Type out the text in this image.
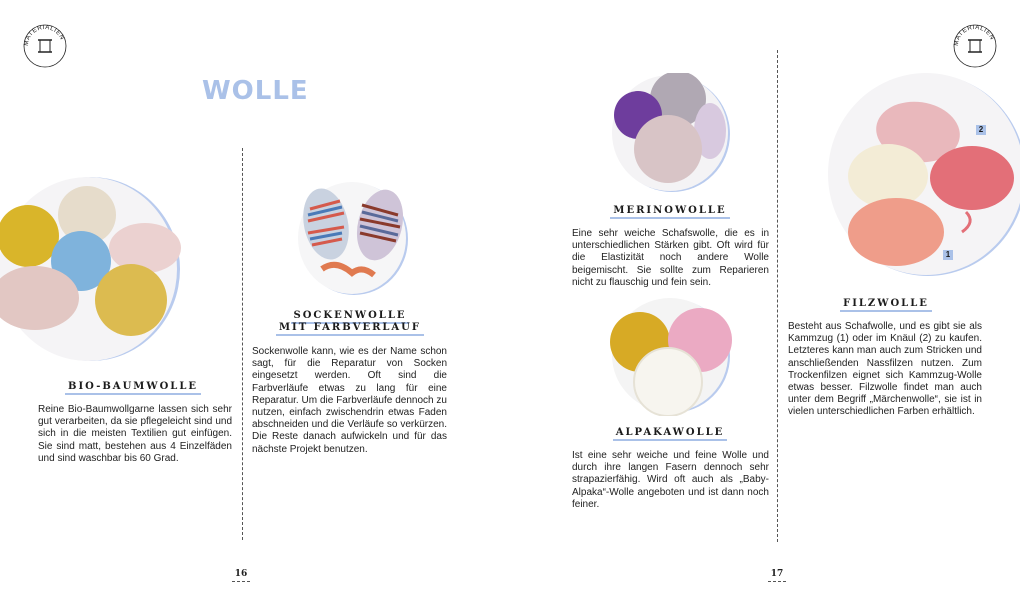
MATERIALIEN
MATERIALIEN
WOLLE
2
1
BIO-BAUMWOLLE
Reine Bio-Baumwollgarne lassen sich sehr gut verarbeiten, da sie pflegeleicht sind und sich in die meisten Textilien gut einfügen. Sie sind matt, bestehen aus 4 Einzelfäden und sind waschbar bis 60 Grad.
SOCKENWOLLE
MIT FARBVERLAUF
Sockenwolle kann, wie es der Name schon sagt, für die Reparatur von Socken eingesetzt werden. Oft sind die Farbverläufe etwas zu lang für eine Reparatur. Um die Farbverläufe dennoch zu nutzen, einfach zwischendrin etwas Faden abschneiden und die Verläufe so verkürzen. Die Reste danach aufwickeln und für das nächste Projekt benutzen.
MERINOWOLLE
Eine sehr weiche Schafswolle, die es in unterschiedlichen Stärken gibt. Oft wird für die Elastizität noch andere Wolle beigemischt. Sie sollte zum Reparieren nicht zu flauschig und fein sein.
ALPAKAWOLLE
Ist eine sehr weiche und feine Wolle und durch ihre langen Fasern dennoch sehr strapazierfähig. Wird oft auch als „Baby-Alpaka“-Wolle angeboten und ist dann noch feiner.
FILZWOLLE
Besteht aus Schafwolle, und es gibt sie als Kammzug (1) oder im Knäul (2) zu kaufen. Letzteres kann man auch zum Stricken und anschließenden Nassfilzen nutzen. Zum Trockenfilzen eignet sich Kammzug-Wolle etwas besser. Filzwolle findet man auch unter dem Begriff „Märchenwolle“, sie ist in vielen unterschiedlichen Farben erhältlich.
16	17
